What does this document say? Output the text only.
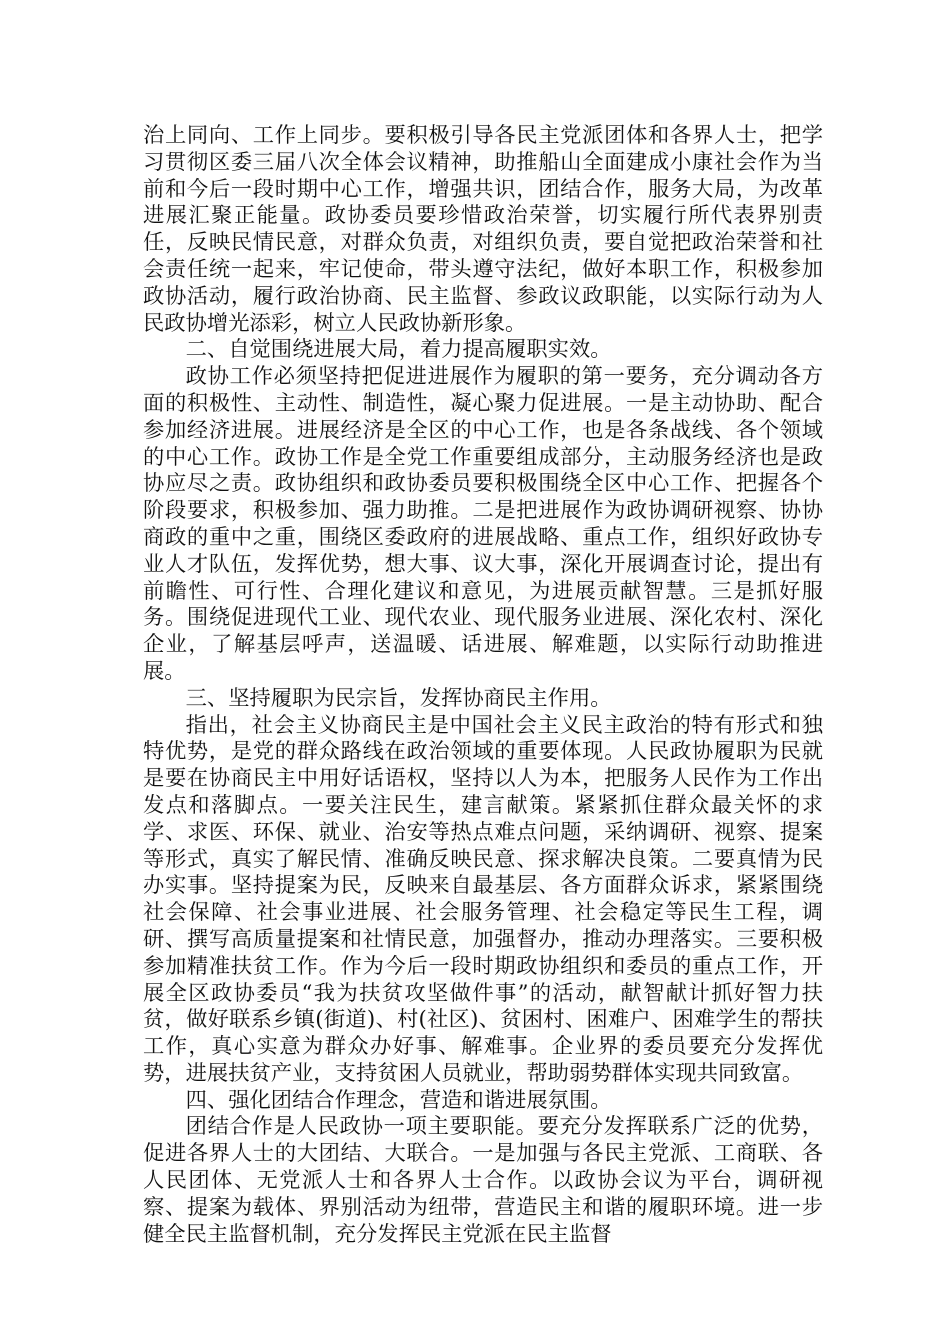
治上同向、工作上同步。要积极引导各民主党派团体和各界人士，把学习贯彻区委三届八次全体会议精神，助推船山全面建成小康社会作为当前和今后一段时期中心工作，增强共识，团结合作，服务大局，为改革进展汇聚正能量。政协委员要珍惜政治荣誉，切实履行所代表界别责任，反映民情民意，对群众负责，对组织负责，要自觉把政治荣誉和社会责任统一起来，牢记使命，带头遵守法纪，做好本职工作，积极参加政协活动，履行政治协商、民主监督、参政议政职能，以实际行动为人民政协增光添彩，树立人民政协新形象。

二、自觉围绕进展大局，着力提高履职实效。

政协工作必须坚持把促进进展作为履职的第一要务，充分调动各方面的积极性、主动性、制造性，凝心聚力促进展。一是主动协助、配合参加经济进展。进展经济是全区的中心工作，也是各条战线、各个领域的中心工作。政协工作是全党工作重要组成部分，主动服务经济也是政协应尽之责。政协组织和政协委员要积极围绕全区中心工作、把握各个阶段要求，积极参加、强力助推。二是把进展作为政协调研视察、协协商政的重中之重，围绕区委政府的进展战略、重点工作，组织好政协专业人才队伍，发挥优势，想大事、议大事，深化开展调查讨论，提出有前瞻性、可行性、合理化建议和意见，为进展贡献智慧。三是抓好服务。围绕促进现代工业、现代农业、现代服务业进展、深化农村、深化企业，了解基层呼声，送温暖、话进展、解难题，以实际行动助推进展。

三、坚持履职为民宗旨，发挥协商民主作用。

指出，社会主义协商民主是中国社会主义民主政治的特有形式和独特优势，是党的群众路线在政治领域的重要体现。人民政协履职为民就是要在协商民主中用好话语权，坚持以人为本，把服务人民作为工作出发点和落脚点。一要关注民生，建言献策。紧紧抓住群众最关怀的求学、求医、环保、就业、治安等热点难点问题，采纳调研、视察、提案等形式，真实了解民情、准确反映民意、探求解决良策。二要真情为民办实事。坚持提案为民，反映来自最基层、各方面群众诉求，紧紧围绕社会保障、社会事业进展、社会服务管理、社会稳定等民生工程，调研、撰写高质量提案和社情民意，加强督办，推动办理落实。三要积极参加精准扶贫工作。作为今后一段时期政协组织和委员的重点工作，开展全区政协委员“我为扶贫攻坚做件事”的活动，献智献计抓好智力扶贫，做好联系乡镇(街道)、村(社区)、贫困村、困难户、困难学生的帮扶工作，真心实意为群众办好事、解难事。企业界的委员要充分发挥优势，进展扶贫产业，支持贫困人员就业，帮助弱势群体实现共同致富。

四、强化团结合作理念，营造和谐进展氛围。

团结合作是人民政协一项主要职能。要充分发挥联系广泛的优势，促进各界人士的大团结、大联合。一是加强与各民主党派、工商联、各人民团体、无党派人士和各界人士合作。以政协会议为平台，调研视察、提案为载体、界别活动为纽带，营造民主和谐的履职环境。进一步健全民主监督机制，充分发挥民主党派在民主监督
